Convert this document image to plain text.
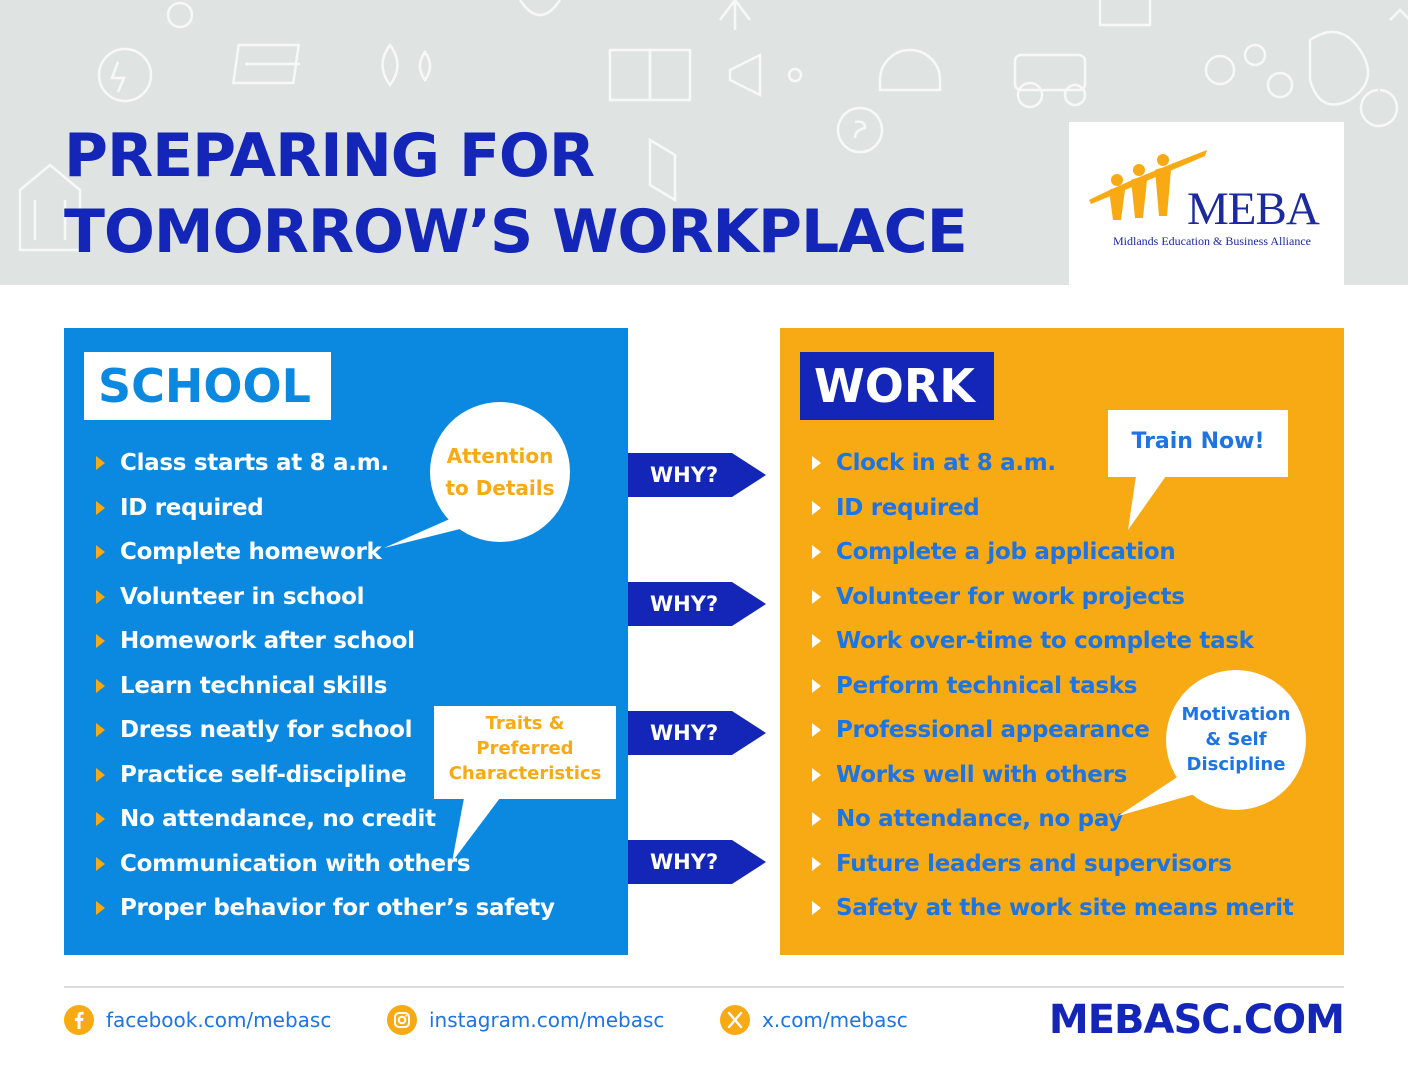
PREPARING FOR
TOMORROW’S WORKPLACE	MEBA
Midlands Education & Business Alliance
SCHOOL
Class starts at 8 a.m.
ID required
Complete homework
Volunteer in school
Homework after school
Learn technical skills
Dress neatly for school
Practice self-discipline
No attendance, no credit
Communication with others
Proper behavior for other’s safety
WORK
Clock in at 8 a.m.
ID required
Complete a job application
Volunteer for work projects
Work over-time to complete task
Perform technical tasks
Professional appearance
Works well with others
No attendance, no pay
Future leaders and supervisors
Safety at the work site means merit
WHY?
WHY?
WHY?
WHY?
Attention
to Details
Traits &
Preferred
Characteristics
Train Now!
Motivation
& Self
Discipline
facebook.com/mebasc	instagram.com/mebasc	x.com/mebasc	MEBASC.COM
